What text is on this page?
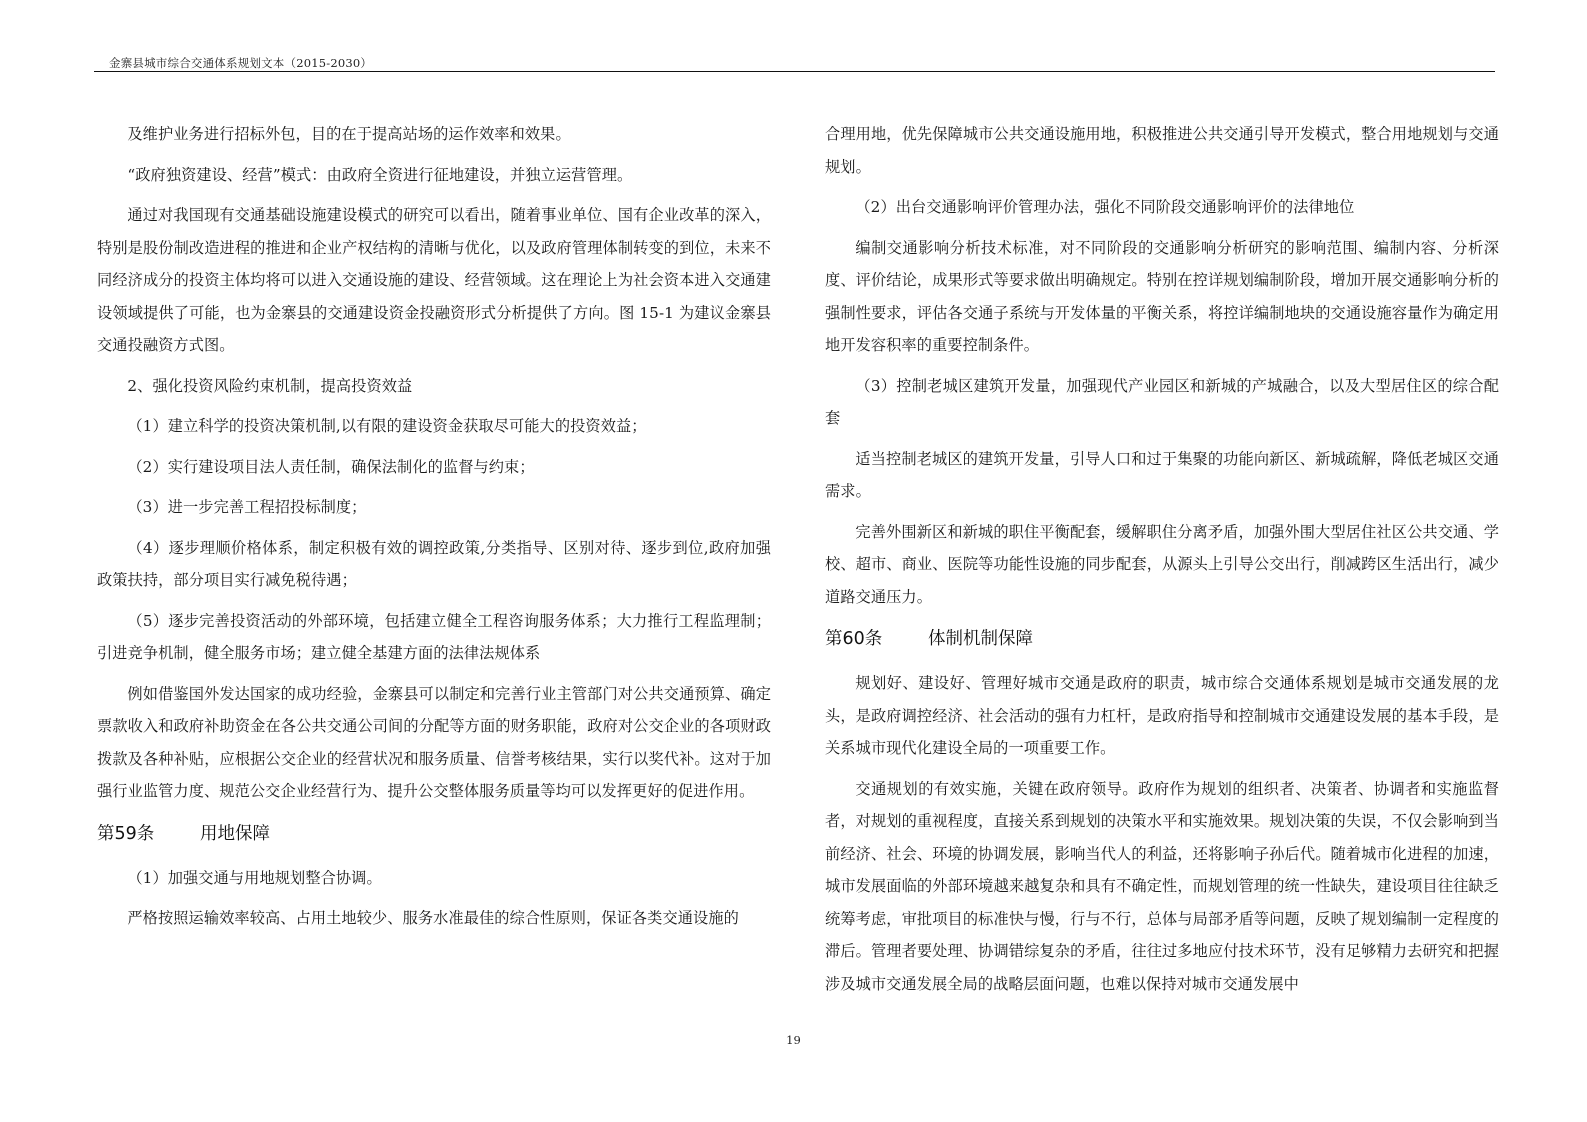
金寨县城市综合交通体系规划文本（2015-2030）

及维护业务进行招标外包，目的在于提高站场的运作效率和效果。

“政府独资建设、经营”模式：由政府全资进行征地建设，并独立运营管理。

通过对我国现有交通基础设施建设模式的研究可以看出，随着事业单位、国有企业改革的深入，特别是股份制改造进程的推进和企业产权结构的清晰与优化，以及政府管理体制转变的到位，未来不同经济成分的投资主体均将可以进入交通设施的建设、经营领域。这在理论上为社会资本进入交通建设领域提供了可能，也为金寨县的交通建设资金投融资形式分析提供了方向。图 15-1 为建议金寨县交通投融资方式图。

2、强化投资风险约束机制，提高投资效益

（1）建立科学的投资决策机制,以有限的建设资金获取尽可能大的投资效益；

（2）实行建设项目法人责任制，确保法制化的监督与约束；

（3）进一步完善工程招投标制度；

（4）逐步理顺价格体系，制定积极有效的调控政策,分类指导、区别对待、逐步到位,政府加强政策扶持，部分项目实行减免税待遇；

（5）逐步完善投资活动的外部环境，包括建立健全工程咨询服务体系；大力推行工程监理制；引进竞争机制，健全服务市场；建立健全基建方面的法律法规体系

例如借鉴国外发达国家的成功经验，金寨县可以制定和完善行业主管部门对公共交通预算、确定票款收入和政府补助资金在各公共交通公司间的分配等方面的财务职能，政府对公交企业的各项财政拨款及各种补贴，应根据公交企业的经营状况和服务质量、信誉考核结果，实行以奖代补。这对于加强行业监管力度、规范公交企业经营行为、提升公交整体服务质量等均可以发挥更好的促进作用。

第59条	用地保障

（1）加强交通与用地规划整合协调。

严格按照运输效率较高、占用土地较少、服务水准最佳的综合性原则，保证各类交通设施的

合理用地，优先保障城市公共交通设施用地，积极推进公共交通引导开发模式，整合用地规划与交通规划。

（2）出台交通影响评价管理办法，强化不同阶段交通影响评价的法律地位

编制交通影响分析技术标准，对不同阶段的交通影响分析研究的影响范围、编制内容、分析深度、评价结论，成果形式等要求做出明确规定。特别在控详规划编制阶段，增加开展交通影响分析的强制性要求，评估各交通子系统与开发体量的平衡关系，将控详编制地块的交通设施容量作为确定用地开发容积率的重要控制条件。

（3）控制老城区建筑开发量，加强现代产业园区和新城的产城融合，以及大型居住区的综合配套

适当控制老城区的建筑开发量，引导人口和过于集聚的功能向新区、新城疏解，降低老城区交通需求。

完善外围新区和新城的职住平衡配套，缓解职住分离矛盾，加强外围大型居住社区公共交通、学校、超市、商业、医院等功能性设施的同步配套，从源头上引导公交出行，削减跨区生活出行，减少道路交通压力。

第60条	体制机制保障

规划好、建设好、管理好城市交通是政府的职责，城市综合交通体系规划是城市交通发展的龙头，是政府调控经济、社会活动的强有力杠杆，是政府指导和控制城市交通建设发展的基本手段，是关系城市现代化建设全局的一项重要工作。

交通规划的有效实施，关键在政府领导。政府作为规划的组织者、决策者、协调者和实施监督者，对规划的重视程度，直接关系到规划的决策水平和实施效果。规划决策的失误，不仅会影响到当前经济、社会、环境的协调发展，影响当代人的利益，还将影响子孙后代。随着城市化进程的加速，城市发展面临的外部环境越来越复杂和具有不确定性，而规划管理的统一性缺失，建设项目往往缺乏统筹考虑，审批项目的标准快与慢，行与不行，总体与局部矛盾等问题，反映了规划编制一定程度的滞后。管理者要处理、协调错综复杂的矛盾，往往过多地应付技术环节，没有足够精力去研究和把握涉及城市交通发展全局的战略层面问题，也难以保持对城市交通发展中

19
